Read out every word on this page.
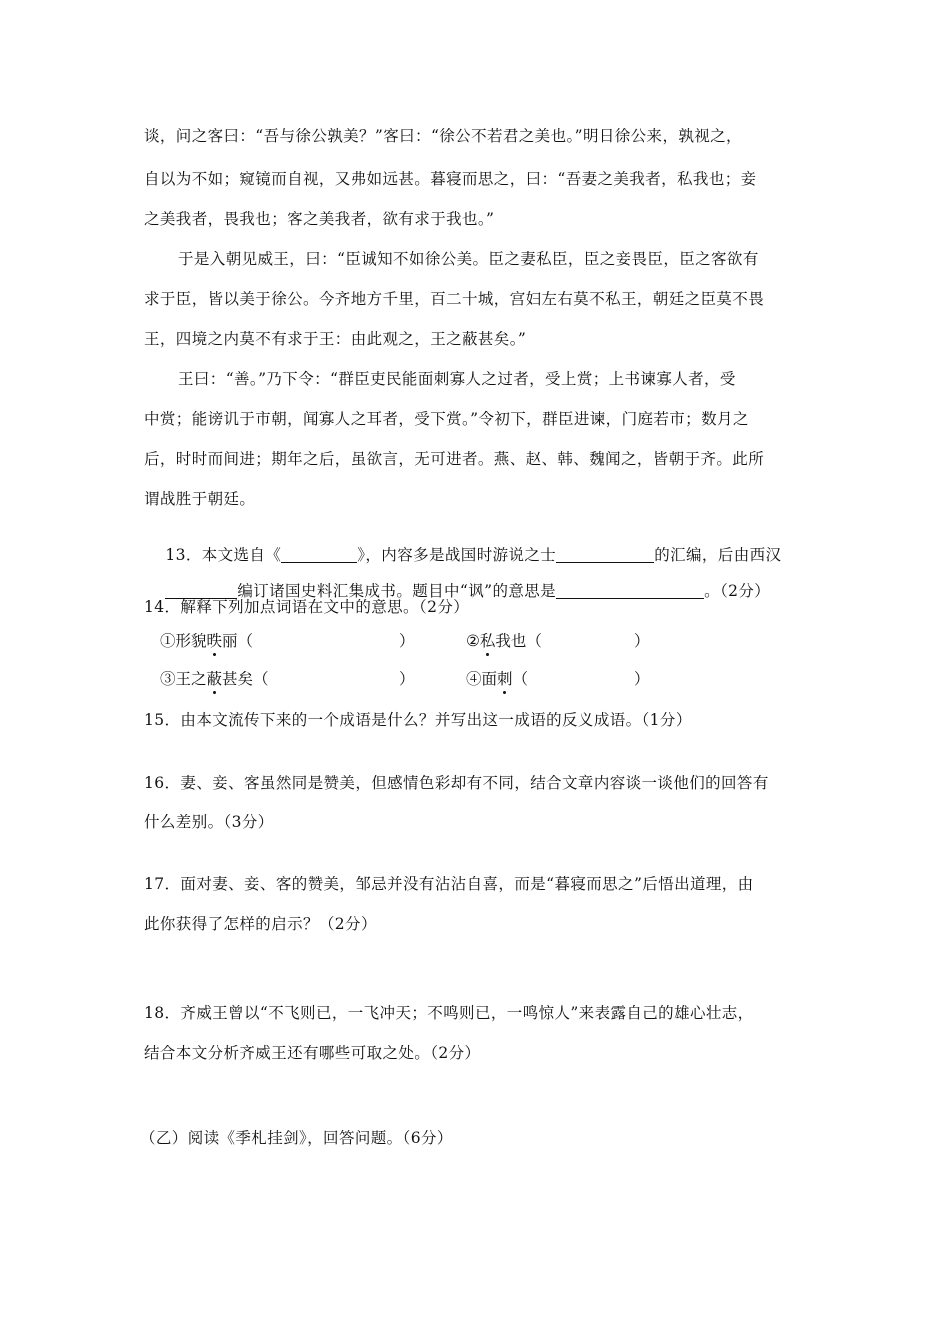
谈，问之客曰：“吾与徐公孰美？”客曰：“徐公不若君之美也。”明日徐公来，孰视之，
自以为不如；窥镜而自视，又弗如远甚。暮寝而思之，曰：“吾妻之美我者，私我也；妾
之美我者，畏我也；客之美我者，欲有求于我也。”
于是入朝见威王，曰：“臣诚知不如徐公美。臣之妻私臣，臣之妾畏臣，臣之客欲有
求于臣，皆以美于徐公。今齐地方千里，百二十城，宫妇左右莫不私王，朝廷之臣莫不畏
王，四境之内莫不有求于王：由此观之，王之蔽甚矣。”
王曰：“善。”乃下令：“群臣吏民能面刺寡人之过者，受上赏；上书谏寡人者，受
中赏；能谤讥于市朝，闻寡人之耳者，受下赏。”令初下，群臣进谏，门庭若市；数月之
后，时时而间进；期年之后，虽欲言，无可进者。燕、赵、韩、魏闻之，皆朝于齐。此所
谓战胜于朝廷。

13．本文选自《	》，内容多是战国时游说之士	的汇编，后由西汉

编订诸国史料汇集成书。题目中“讽”的意思是	。（2分）

14．解释下列加点词语在文中的意思。（2分）
①形貌昳丽（	）	②私我也（	）
③王之蔽甚矣（	）	④面刺（	）
15．由本文流传下来的一个成语是什么？并写出这一成语的反义成语。（1分）
16．妻、妾、客虽然同是赞美，但感情色彩却有不同，结合文章内容谈一谈他们的回答有
什么差别。（3分）
17．面对妻、妾、客的赞美，邹忌并没有沾沾自喜，而是“暮寝而思之”后悟出道理，由
此你获得了怎样的启示？（2分）
18．齐威王曾以“不飞则已，一飞冲天；不鸣则已，一鸣惊人”来表露自己的雄心壮志，
结合本文分析齐威王还有哪些可取之处。（2分）
（乙）阅读《季札挂剑》，回答问题。（6分）
